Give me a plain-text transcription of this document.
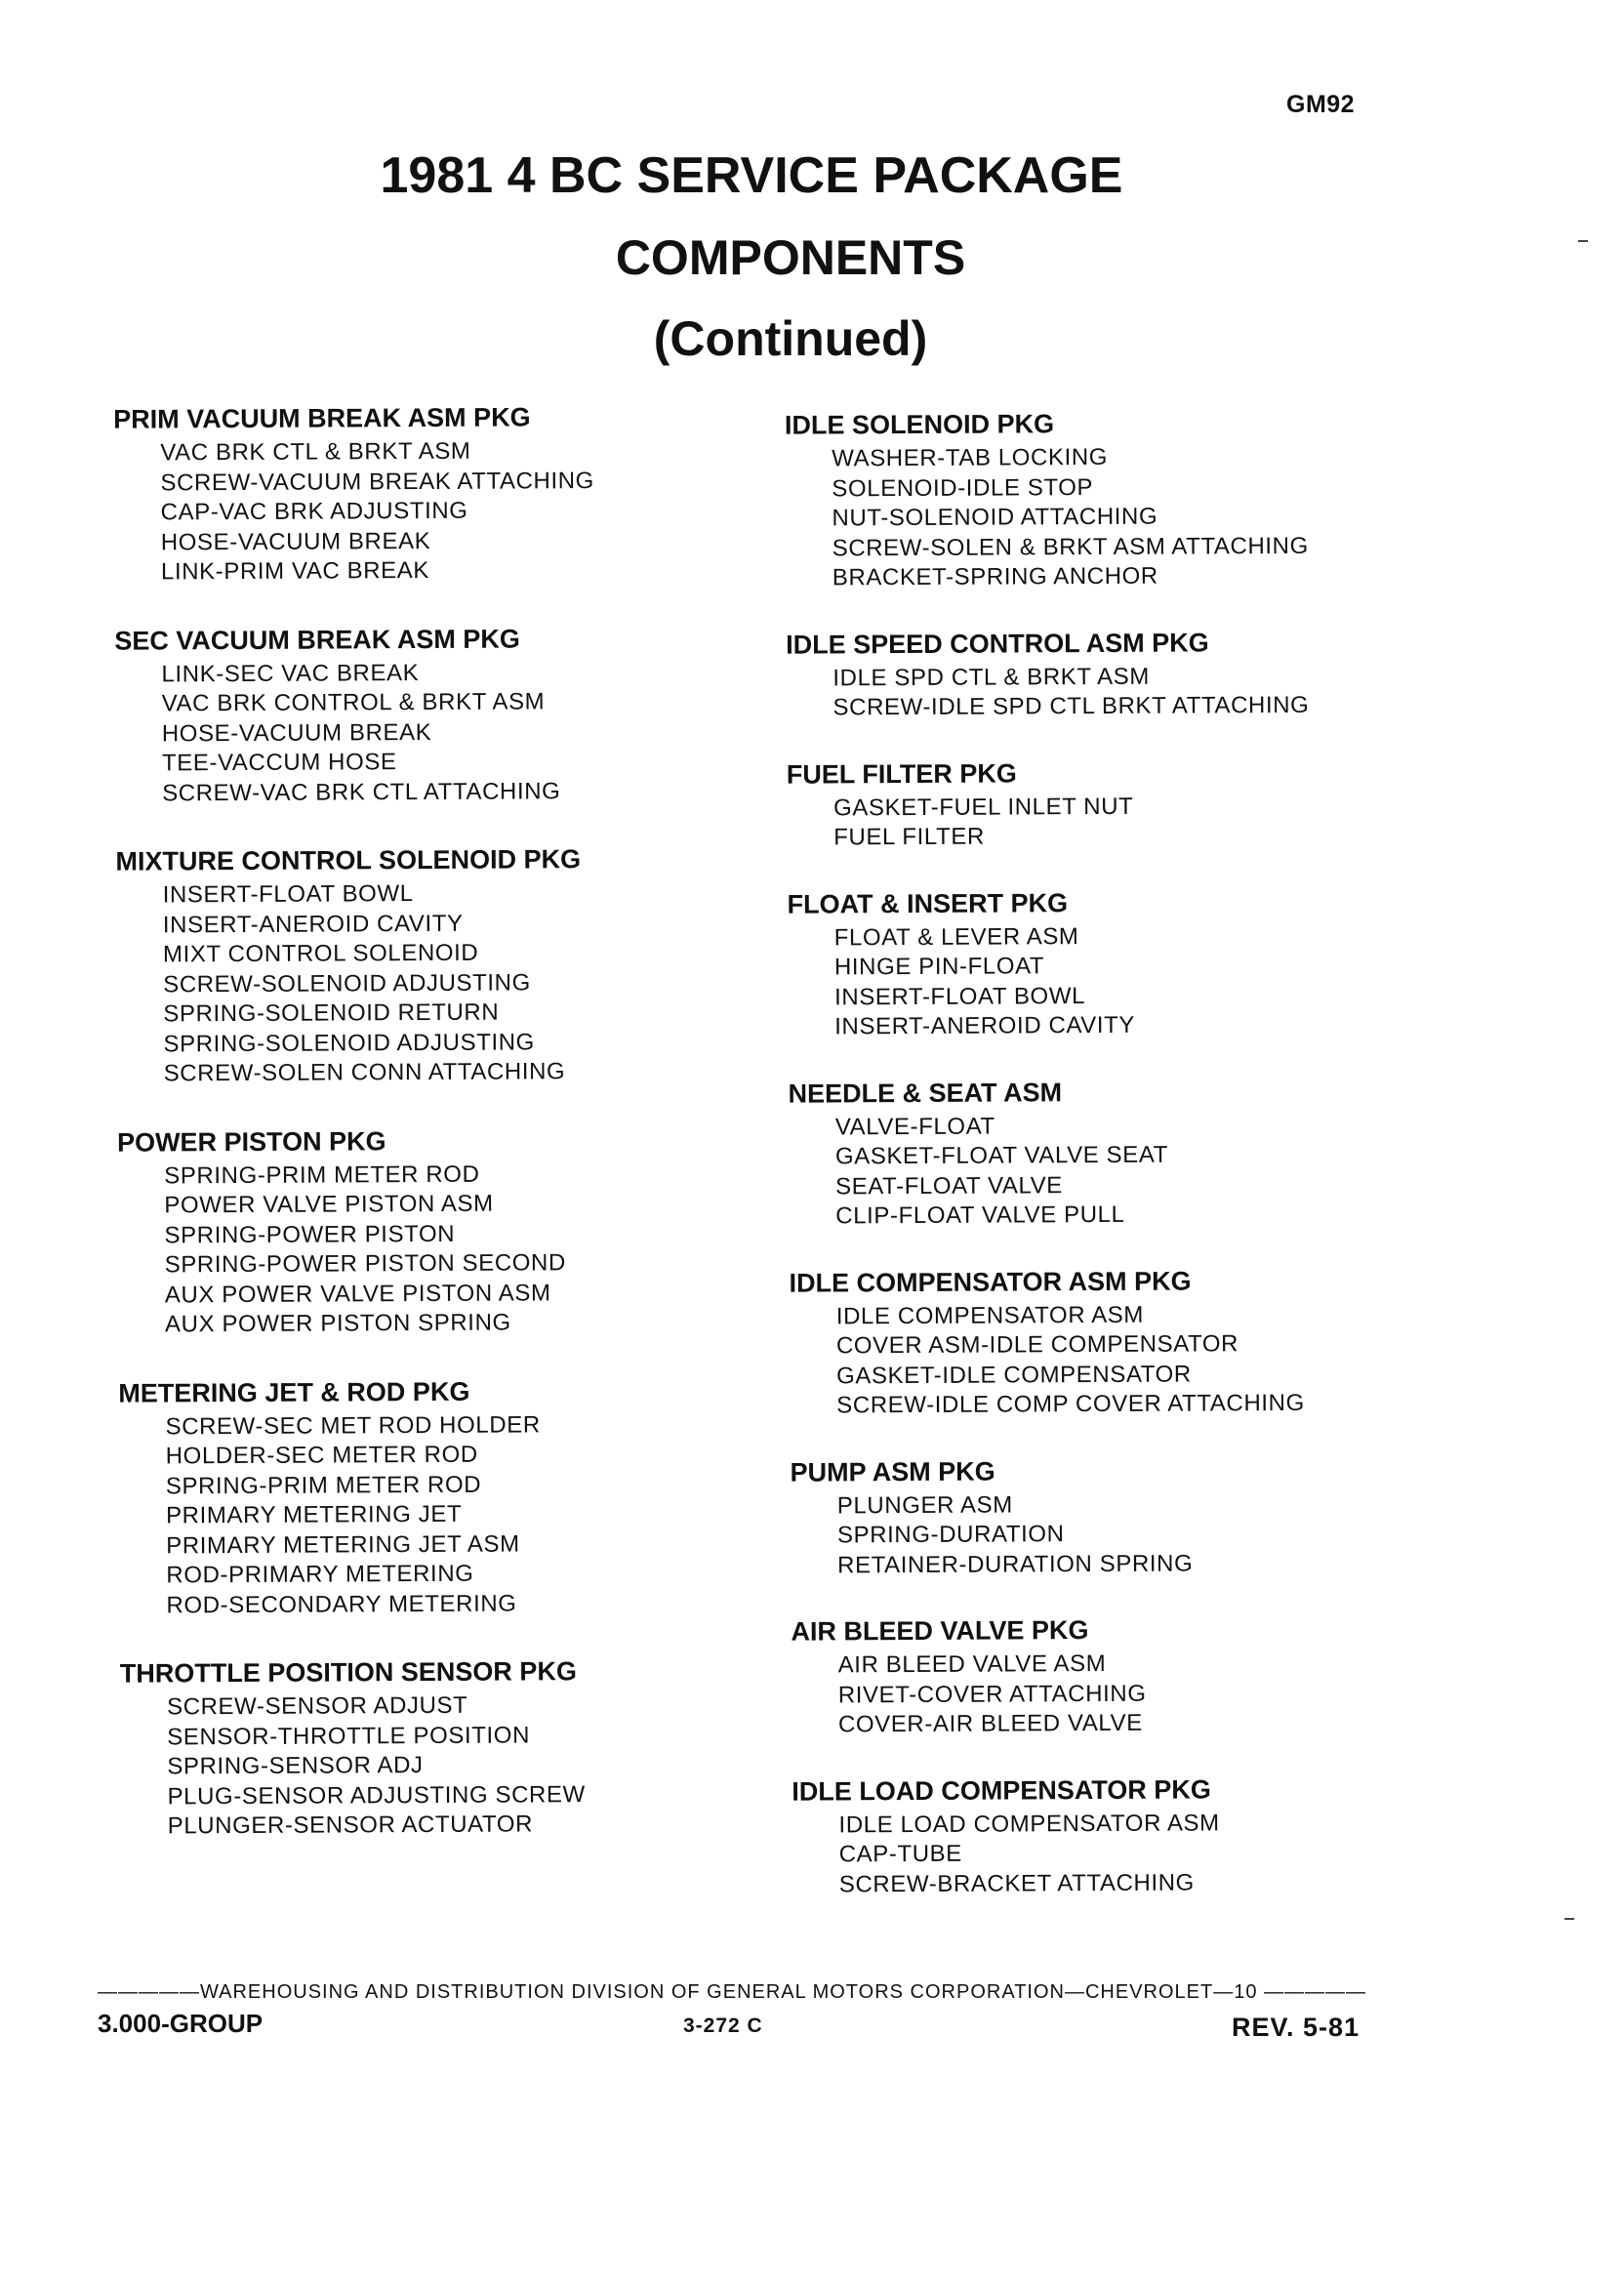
GM92
1981 4 BC SERVICE PACKAGE
COMPONENTS
(Continued)
PRIM VACUUM BREAK ASM PKG
VAC BRK CTL & BRKT ASM
SCREW-VACUUM BREAK ATTACHING
CAP-VAC BRK ADJUSTING
HOSE-VACUUM BREAK
LINK-PRIM VAC BREAK
SEC VACUUM BREAK ASM PKG
LINK-SEC VAC BREAK
VAC BRK CONTROL & BRKT ASM
HOSE-VACUUM BREAK
TEE-VACCUM HOSE
SCREW-VAC BRK CTL ATTACHING
MIXTURE CONTROL SOLENOID PKG
INSERT-FLOAT BOWL
INSERT-ANEROID CAVITY
MIXT CONTROL SOLENOID
SCREW-SOLENOID ADJUSTING
SPRING-SOLENOID RETURN
SPRING-SOLENOID ADJUSTING
SCREW-SOLEN CONN ATTACHING
POWER PISTON PKG
SPRING-PRIM METER ROD
POWER VALVE PISTON ASM
SPRING-POWER PISTON
SPRING-POWER PISTON SECOND
AUX POWER VALVE PISTON ASM
AUX POWER PISTON SPRING
METERING JET & ROD PKG
SCREW-SEC MET ROD HOLDER
HOLDER-SEC METER ROD
SPRING-PRIM METER ROD
PRIMARY METERING JET
PRIMARY METERING JET ASM
ROD-PRIMARY METERING
ROD-SECONDARY METERING
THROTTLE POSITION SENSOR PKG
SCREW-SENSOR ADJUST
SENSOR-THROTTLE POSITION
SPRING-SENSOR ADJ
PLUG-SENSOR ADJUSTING SCREW
PLUNGER-SENSOR ACTUATOR
IDLE SOLENOID PKG
WASHER-TAB LOCKING
SOLENOID-IDLE STOP
NUT-SOLENOID ATTACHING
SCREW-SOLEN & BRKT ASM ATTACHING
BRACKET-SPRING ANCHOR
IDLE SPEED CONTROL ASM PKG
IDLE SPD CTL & BRKT ASM
SCREW-IDLE SPD CTL BRKT ATTACHING
FUEL FILTER PKG
GASKET-FUEL INLET NUT
FUEL FILTER
FLOAT & INSERT PKG
FLOAT & LEVER ASM
HINGE PIN-FLOAT
INSERT-FLOAT BOWL
INSERT-ANEROID CAVITY
NEEDLE & SEAT ASM
VALVE-FLOAT
GASKET-FLOAT VALVE SEAT
SEAT-FLOAT VALVE
CLIP-FLOAT VALVE PULL
IDLE COMPENSATOR ASM PKG
IDLE COMPENSATOR ASM
COVER ASM-IDLE COMPENSATOR
GASKET-IDLE COMPENSATOR
SCREW-IDLE COMP COVER ATTACHING
PUMP ASM PKG
PLUNGER ASM
SPRING-DURATION
RETAINER-DURATION SPRING
AIR BLEED VALVE PKG
AIR BLEED VALVE ASM
RIVET-COVER ATTACHING
COVER-AIR BLEED VALVE
IDLE LOAD COMPENSATOR PKG
IDLE LOAD COMPENSATOR ASM
CAP-TUBE
SCREW-BRACKET ATTACHING
—————WAREHOUSING AND DISTRIBUTION DIVISION OF GENERAL MOTORS CORPORATION—CHEVROLET—10 —————
3.000-GROUP	3-272 C	REV. 5-81
